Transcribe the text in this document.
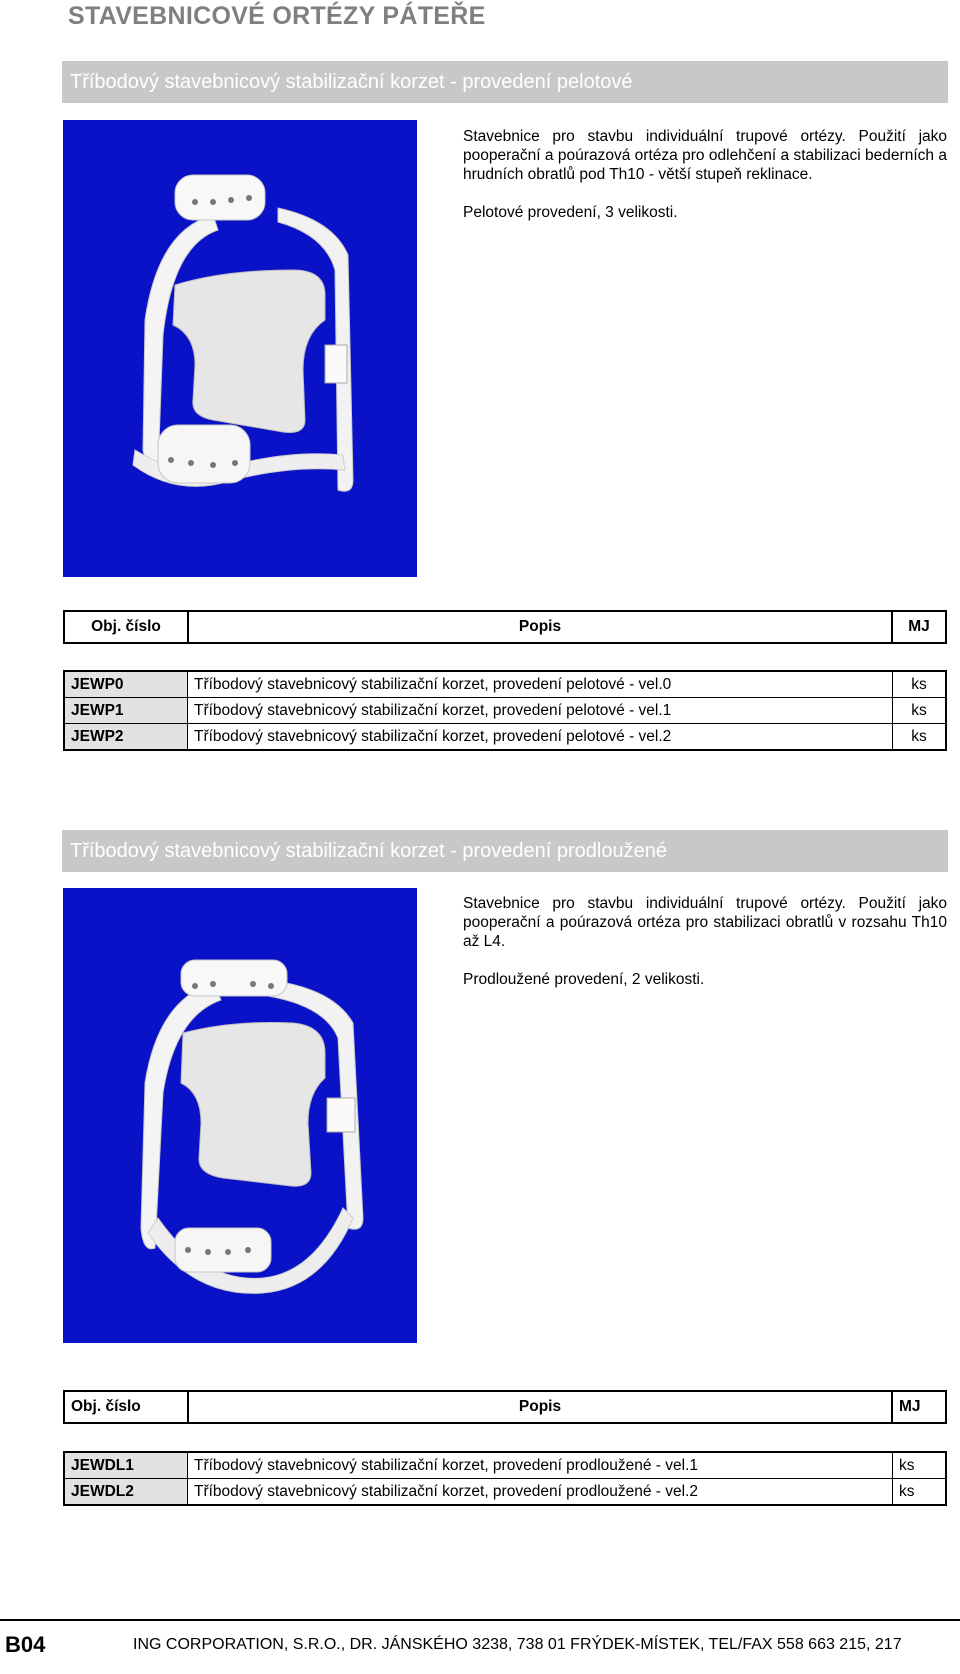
STAVEBNICOVÉ ORTÉZY PÁTEŘE
Tříbodový stavebnicový stabilizační korzet - provedení pelotové

Stavebnice pro stavbu individuální trupové ortézy. Použití jako pooperační a poúrazová ortéza pro odlehčení a stabilizaci bederních a hrudních obratlů pod Th10 - větší stupeň reklinace.

Pelotové provedení, 3 velikosti.

Obj. číslo	Popis	MJ
JEWP0	Tříbodový stavebnicový stabilizační korzet, provedení pelotové - vel.0	ks
JEWP1	Tříbodový stavebnicový stabilizační korzet, provedení pelotové - vel.1	ks
JEWP2	Tříbodový stavebnicový stabilizační korzet, provedení pelotové - vel.2	ks
Tříbodový stavebnicový stabilizační korzet - provedení prodloužené

Stavebnice pro stavbu individuální trupové ortézy. Použití jako pooperační a poúrazová ortéza pro stabilizaci obratlů v rozsahu Th10 až L4.

Prodloužené provedení, 2 velikosti.

Obj. číslo	Popis	MJ
JEWDL1	Tříbodový stavebnicový stabilizační korzet, provedení prodloužené - vel.1	ks
JEWDL2	Tříbodový stavebnicový stabilizační korzet, provedení prodloužené - vel.2	ks
B04	ING CORPORATION, S.R.O., DR. JÁNSKÉHO 3238, 738 01 FRÝDEK-MÍSTEK, TEL/FAX 558 663 215, 217
